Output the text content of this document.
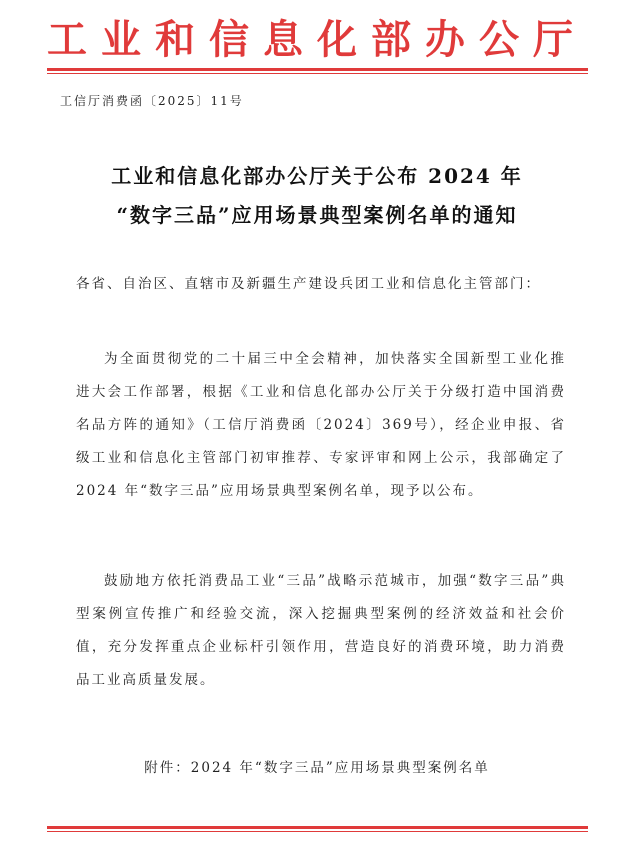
工业和信息化部办公厅
工信厅消费函〔2025〕11号
工业和信息化部办公厅关于公布 2024 年
“数字三品”应用场景典型案例名单的通知
各省、自治区、直辖市及新疆生产建设兵团工业和信息化主管部门：
为全面贯彻党的二十届三中全会精神，加快落实全国新型工业化推进大会工作部署，根据《工业和信息化部办公厅关于分级打造中国消费名品方阵的通知》（工信厅消费函〔2024〕369号），经企业申报、省级工业和信息化主管部门初审推荐、专家评审和网上公示，我部确定了 2024 年“数字三品”应用场景典型案例名单，现予以公布。
鼓励地方依托消费品工业“三品”战略示范城市，加强“数字三品”典型案例宣传推广和经验交流，深入挖掘典型案例的经济效益和社会价值，充分发挥重点企业标杆引领作用，营造良好的消费环境，助力消费品工业高质量发展。
附件：2024 年“数字三品”应用场景典型案例名单
